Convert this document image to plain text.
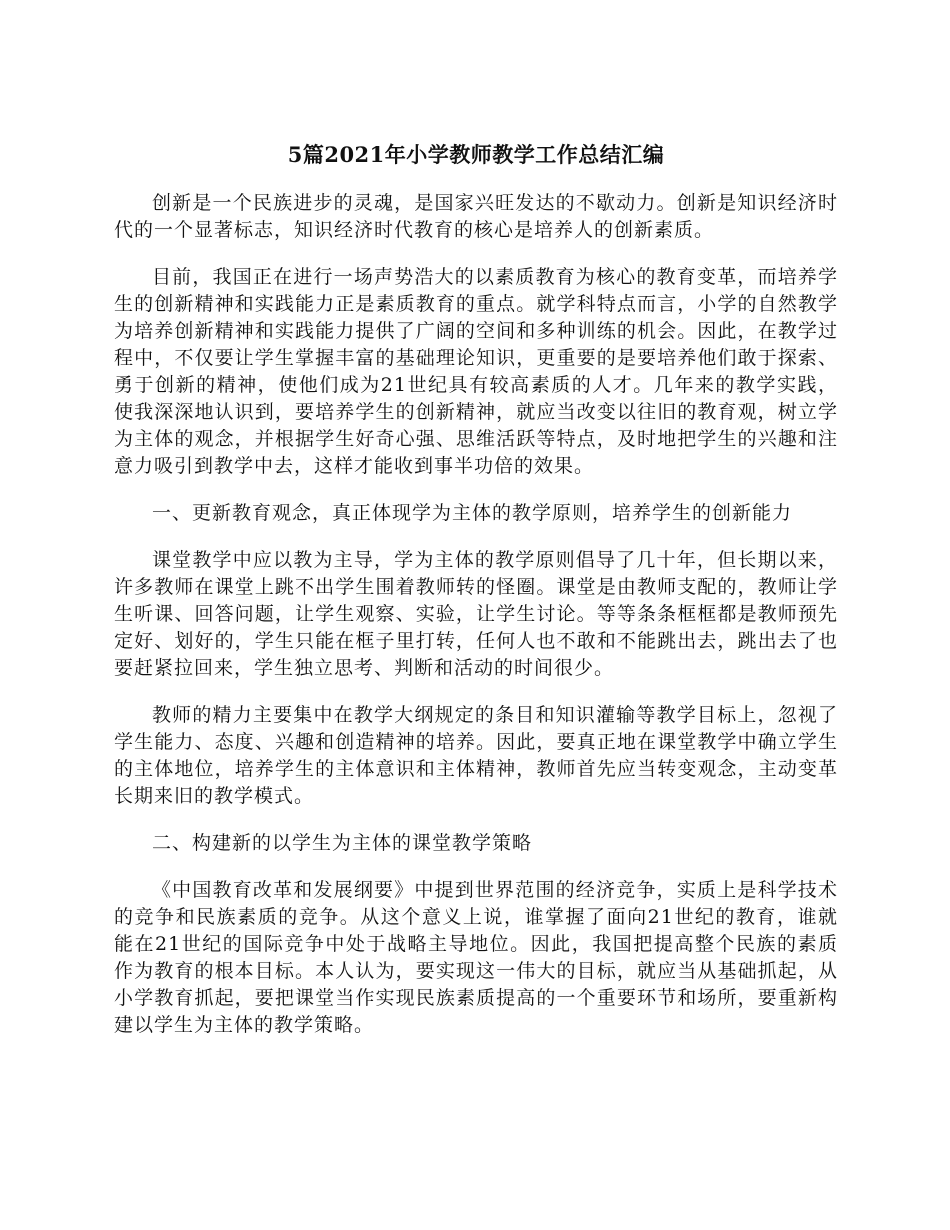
5篇2021年小学教师教学工作总结汇编

创新是一个民族进步的灵魂，是国家兴旺发达的不歇动力。创新是知识经济时代的一个显著标志，知识经济时代教育的核心是培养人的创新素质。

目前，我国正在进行一场声势浩大的以素质教育为核心的教育变革，而培养学生的创新精神和实践能力正是素质教育的重点。就学科特点而言，小学的自然教学为培养创新精神和实践能力提供了广阔的空间和多种训练的机会。因此，在教学过程中，不仅要让学生掌握丰富的基础理论知识，更重要的是要培养他们敢于探索、勇于创新的精神，使他们成为21世纪具有较高素质的人才。几年来的教学实践，使我深深地认识到，要培养学生的创新精神，就应当改变以往旧的教育观，树立学为主体的观念，并根据学生好奇心强、思维活跃等特点，及时地把学生的兴趣和注意力吸引到教学中去，这样才能收到事半功倍的效果。

一、更新教育观念，真正体现学为主体的教学原则，培养学生的创新能力

课堂教学中应以教为主导，学为主体的教学原则倡导了几十年，但长期以来，许多教师在课堂上跳不出学生围着教师转的怪圈。课堂是由教师支配的，教师让学生听课、回答问题，让学生观察、实验，让学生讨论。等等条条框框都是教师预先定好、划好的，学生只能在框子里打转，任何人也不敢和不能跳出去，跳出去了也要赶紧拉回来，学生独立思考、判断和活动的时间很少。

教师的精力主要集中在教学大纲规定的条目和知识灌输等教学目标上，忽视了学生能力、态度、兴趣和创造精神的培养。因此，要真正地在课堂教学中确立学生的主体地位，培养学生的主体意识和主体精神，教师首先应当转变观念，主动变革长期来旧的教学模式。

二、构建新的以学生为主体的课堂教学策略

《中国教育改革和发展纲要》中提到世界范围的经济竞争，实质上是科学技术的竞争和民族素质的竞争。从这个意义上说，谁掌握了面向21世纪的教育，谁就能在21世纪的国际竞争中处于战略主导地位。因此，我国把提高整个民族的素质作为教育的根本目标。本人认为，要实现这一伟大的目标，就应当从基础抓起，从小学教育抓起，要把课堂当作实现民族素质提高的一个重要环节和场所，要重新构建以学生为主体的教学策略。
